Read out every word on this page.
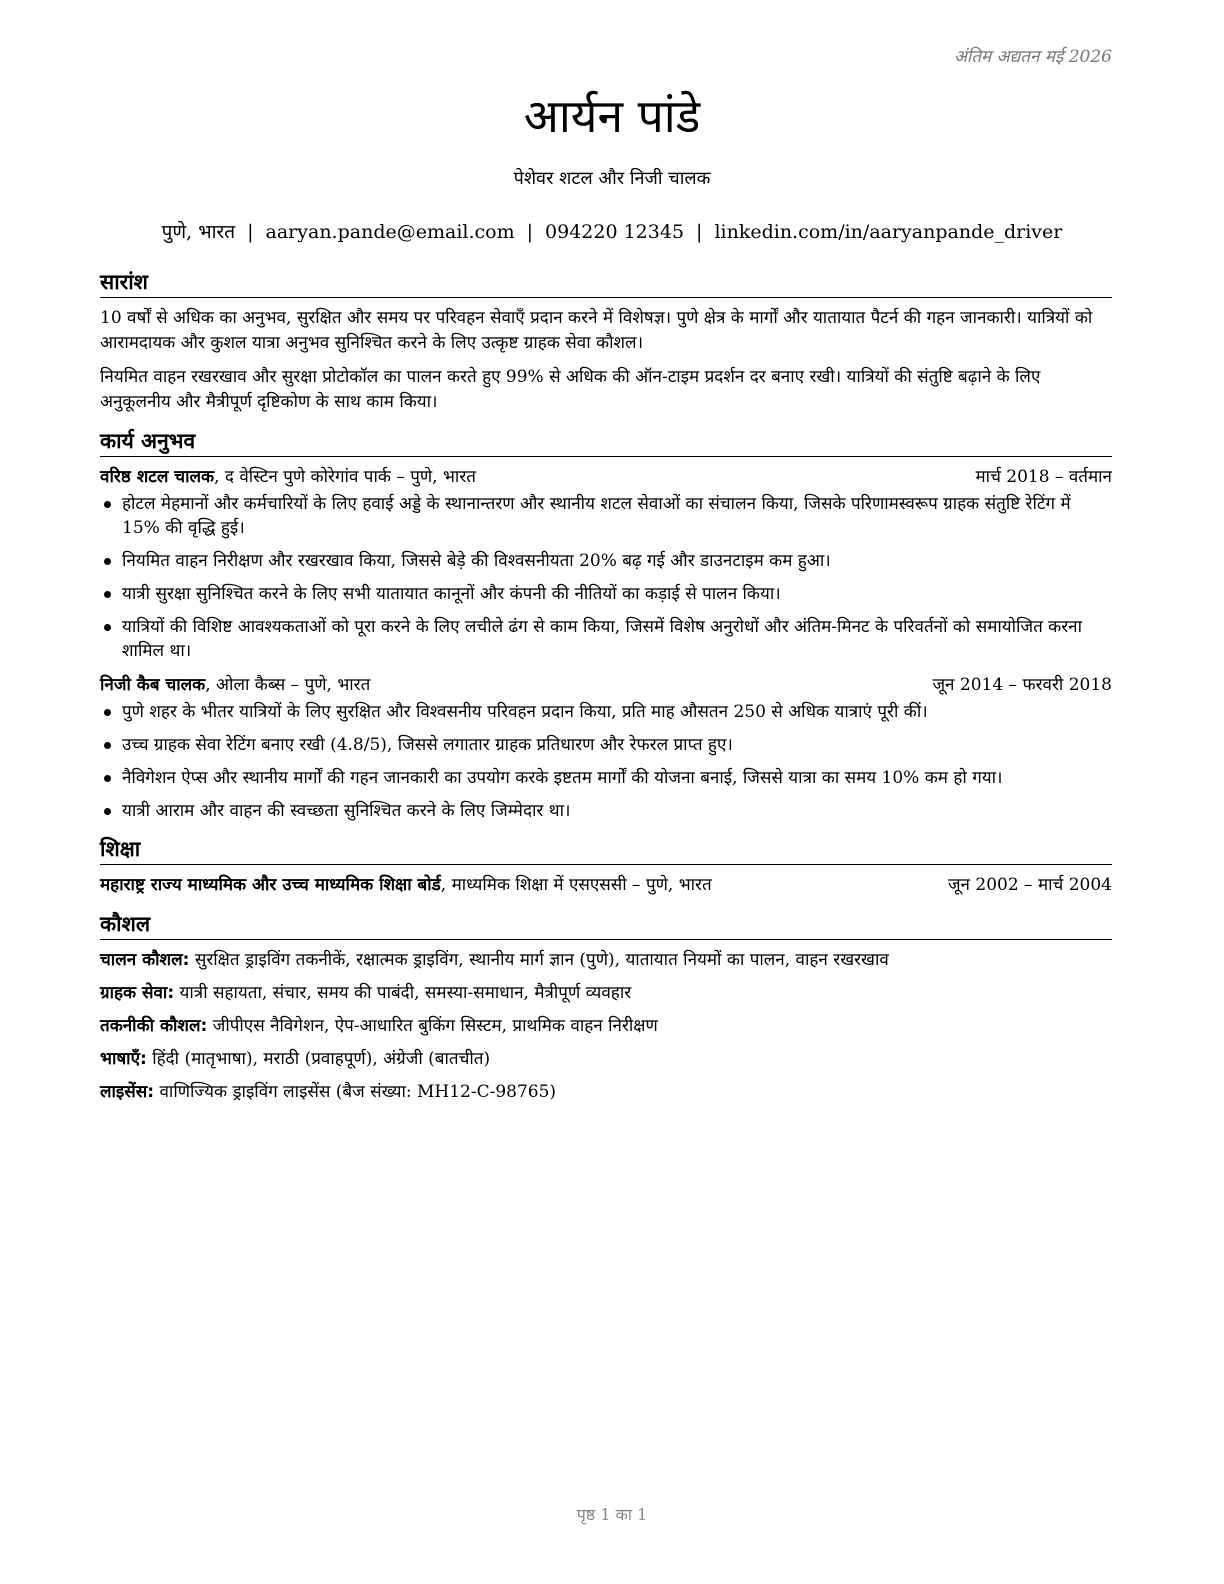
अंतिम अद्यतन मई 2026
आर्यन पांडे
पेशेवर शटल और निजी चालक
पुणे, भारत | aaryan.pande@email.com | 094220 12345 | linkedin.com/in/aaryanpande_driver
सारांश

10 वर्षों से अधिक का अनुभव, सुरक्षित और समय पर परिवहन सेवाएँ प्रदान करने में विशेषज्ञ। पुणे क्षेत्र के मार्गों और यातायात पैटर्न की गहन जानकारी। यात्रियों को आरामदायक और कुशल यात्रा अनुभव सुनिश्चित करने के लिए उत्कृष्ट ग्राहक सेवा कौशल।

नियमित वाहन रखरखाव और सुरक्षा प्रोटोकॉल का पालन करते हुए 99% से अधिक की ऑन-टाइम प्रदर्शन दर बनाए रखी। यात्रियों की संतुष्टि बढ़ाने के लिए अनुकूलनीय और मैत्रीपूर्ण दृष्टिकोण के साथ काम किया।

कार्य अनुभव
वरिष्ठ शटल चालक, द वेस्टिन पुणे कोरेगांव पार्क – पुणे, भारत	मार्च 2018 – वर्तमान
होटल मेहमानों और कर्मचारियों के लिए हवाई अड्डे के स्थानान्तरण और स्थानीय शटल सेवाओं का संचालन किया, जिसके परिणामस्वरूप ग्राहक संतुष्टि रेटिंग में 15% की वृद्धि हुई।
नियमित वाहन निरीक्षण और रखरखाव किया, जिससे बेड़े की विश्वसनीयता 20% बढ़ गई और डाउनटाइम कम हुआ।
यात्री सुरक्षा सुनिश्चित करने के लिए सभी यातायात कानूनों और कंपनी की नीतियों का कड़ाई से पालन किया।
यात्रियों की विशिष्ट आवश्यकताओं को पूरा करने के लिए लचीले ढंग से काम किया, जिसमें विशेष अनुरोधों और अंतिम-मिनट के परिवर्तनों को समायोजित करना शामिल था।
निजी कैब चालक, ओला कैब्स – पुणे, भारत	जून 2014 – फरवरी 2018
पुणे शहर के भीतर यात्रियों के लिए सुरक्षित और विश्वसनीय परिवहन प्रदान किया, प्रति माह औसतन 250 से अधिक यात्राएं पूरी कीं।
उच्च ग्राहक सेवा रेटिंग बनाए रखी (4.8/5), जिससे लगातार ग्राहक प्रतिधारण और रेफरल प्राप्त हुए।
नैविगेशन ऐप्स और स्थानीय मार्गों की गहन जानकारी का उपयोग करके इष्टतम मार्गों की योजना बनाई, जिससे यात्रा का समय 10% कम हो गया।
यात्री आराम और वाहन की स्वच्छता सुनिश्चित करने के लिए जिम्मेदार था।
शिक्षा
महाराष्ट्र राज्य माध्यमिक और उच्च माध्यमिक शिक्षा बोर्ड, माध्यमिक शिक्षा में एसएससी – पुणे, भारत	जून 2002 – मार्च 2004
कौशल
चालन कौशल: सुरक्षित ड्राइविंग तकनीकें, रक्षात्मक ड्राइविंग, स्थानीय मार्ग ज्ञान (पुणे), यातायात नियमों का पालन, वाहन रखरखाव
ग्राहक सेवा: यात्री सहायता, संचार, समय की पाबंदी, समस्या-समाधान, मैत्रीपूर्ण व्यवहार
तकनीकी कौशल: जीपीएस नैविगेशन, ऐप-आधारित बुकिंग सिस्टम, प्राथमिक वाहन निरीक्षण
भाषाएँ: हिंदी (मातृभाषा), मराठी (प्रवाहपूर्ण), अंग्रेजी (बातचीत)
लाइसेंस: वाणिज्यिक ड्राइविंग लाइसेंस (बैज संख्या: MH12-C-98765)
पृष्ठ 1 का 1
